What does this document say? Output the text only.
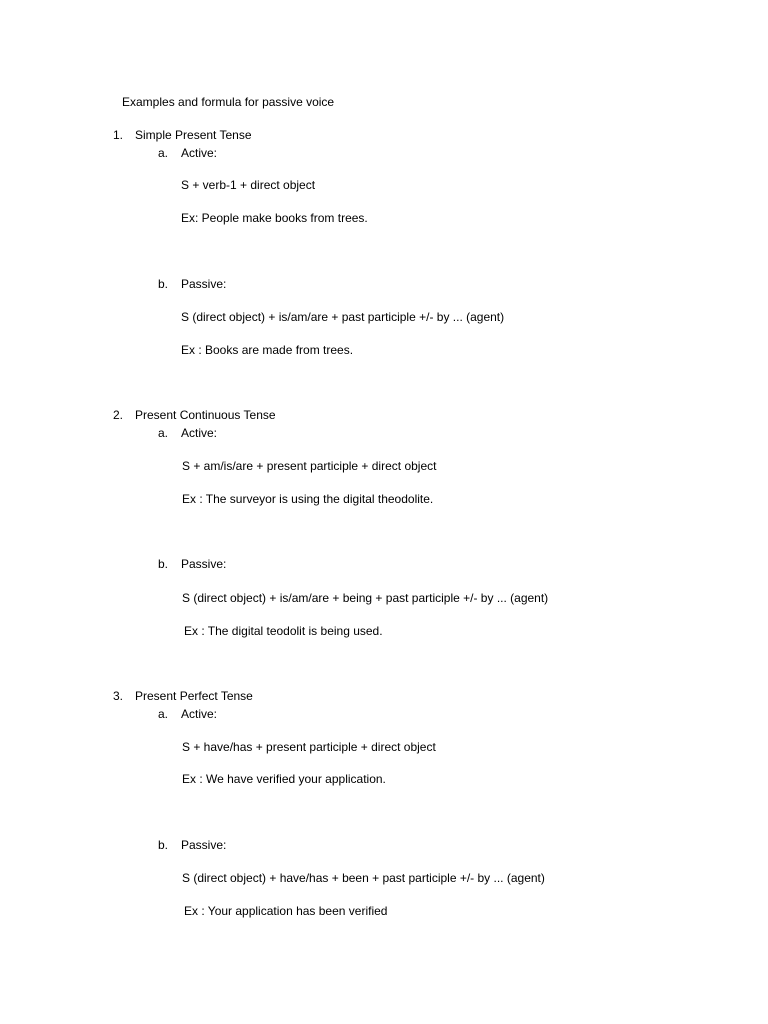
Examples and formula for passive voice
1. Simple Present Tense
a. Active:
S + verb-1 + direct object
Ex: People make books from trees.
b. Passive:
S (direct object) + is/am/are + past participle +/- by ... (agent)
Ex : Books are made from trees.
2. Present Continuous Tense
a. Active:
S + am/is/are + present participle + direct object
Ex : The surveyor is using the digital theodolite.
b. Passive:
S (direct object) + is/am/are + being + past participle +/- by ... (agent)
Ex : The digital teodolit is being used.
3. Present Perfect Tense
a. Active:
S + have/has + present participle + direct object
Ex : We have verified your application.
b. Passive:
S (direct object) + have/has + been + past participle +/- by ... (agent)
Ex : Your application has been verified
